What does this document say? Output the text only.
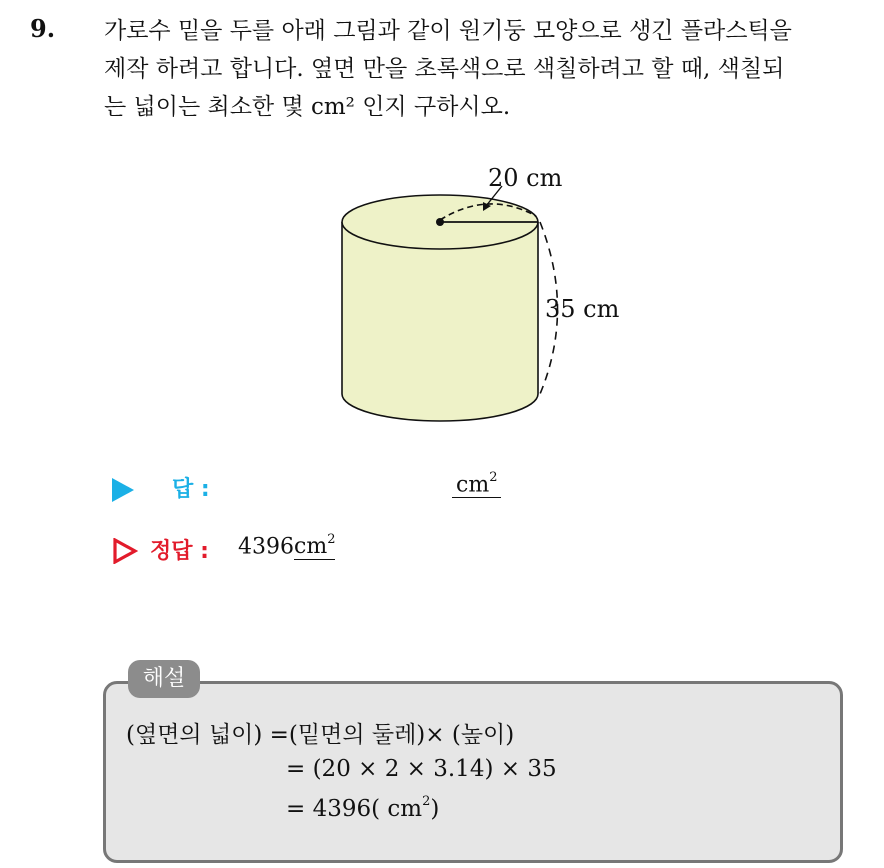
9. 가로수 밑을 두를 아래 그림과 같이 원기둥 모양으로 생긴 플라스틱을
제작 하려고 합니다. 옆면 만을 초록색으로 색칠하려고 할 때, 색칠되
는 넓이는 최소한 몇 cm² 인지 구하시오.
20 cm
35 cm
답 :	$cm^2$
정답 : $4396cm^2$
해설
(옆면의 넓이) =(밑면의 둘레)× (높이)
= (20 × 2 × 3.14) × 35
= 4396( $cm^2$)
